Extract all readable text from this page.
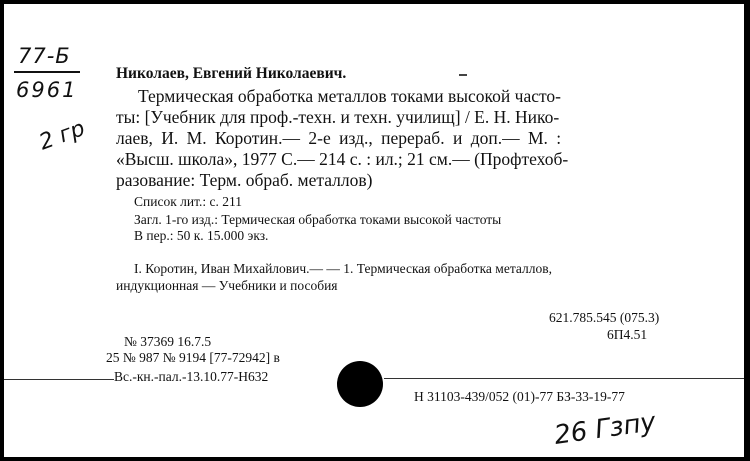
77-Б
6961
2 гр
Николаев, Евгений Николаевич.
Термическая обработка металлов токами высокой часто-
ты: [Учебник для проф.-техн. и техн. училищ] / Е. Н. Нико-
лаев, И. М. Коротин.— 2-е изд., перераб. и доп.— М. :
«Высш. школа», 1977 С.— 214 с. : ил.; 21 см.— (Профтехоб-
разование: Терм. обраб. металлов)
Список лит.: с. 211
Загл. 1-го изд.: Термическая обработка токами высокой частоты
В пер.: 50 к. 15.000 экз.
I. Коротин, Иван Михайлович.— — 1. Термическая обработка металлов,
индукционная — Учебники и пособия
621.785.545 (075.3)
6П4.51
№ 37369 16.7.5
25 № 987 № 9194 [77-72942] в
Вс.-кн.-пал.-13.10.77-Н632
Н 31103-439/052 (01)-77 БЗ-33-19-77
26 Гзпу
